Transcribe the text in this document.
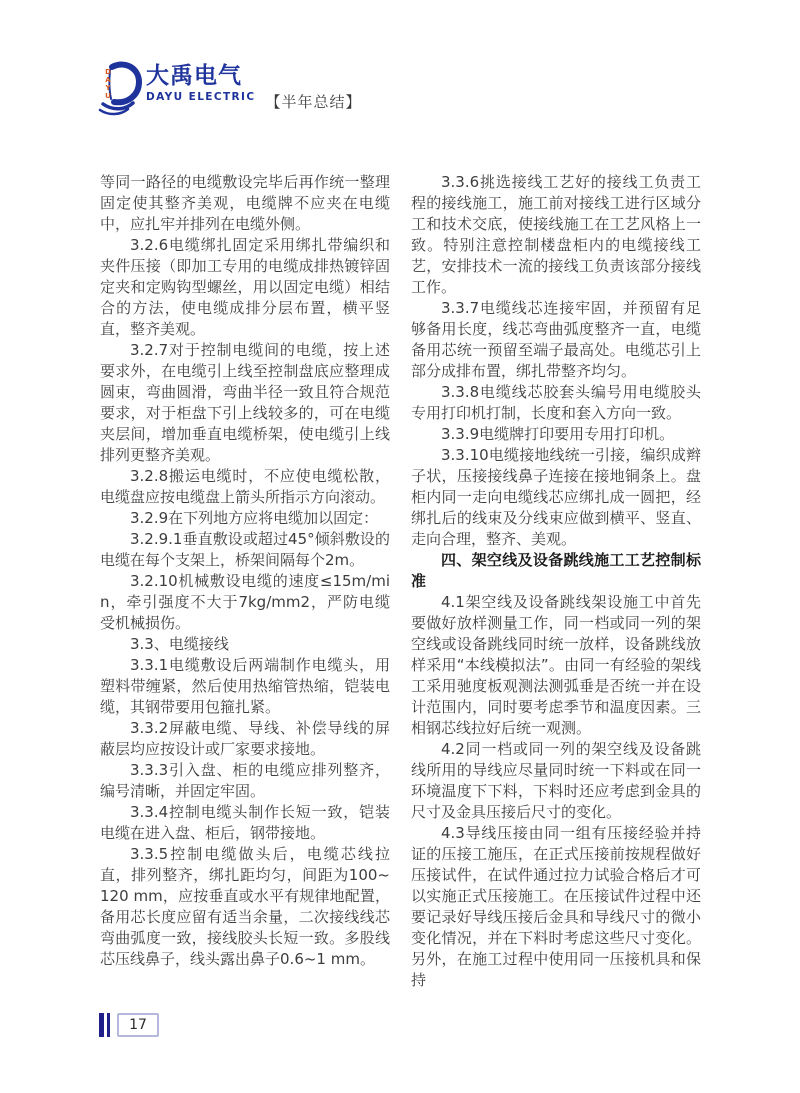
DAYU 大禹电气
DAYU ELECTRIC 【半年总结】

等同一路径的电缆敷设完毕后再作统一整理固定使其整齐美观，电缆牌不应夹在电缆中，应扎牢并排列在电缆外侧。

3.2.6电缆绑扎固定采用绑扎带编织和夹件压接（即加工专用的电缆成排热镀锌固定夹和定购钩型螺丝，用以固定电缆）相结合的方法，使电缆成排分层布置，横平竖直，整齐美观。

3.2.7对于控制电缆间的电缆，按上述要求外，在电缆引上线至控制盘底应整理成圆束，弯曲圆滑，弯曲半径一致且符合规范要求，对于柜盘下引上线较多的，可在电缆夹层间，增加垂直电缆桥架，使电缆引上线排列更整齐美观。

3.2.8搬运电缆时，不应使电缆松散，电缆盘应按电缆盘上箭头所指示方向滚动。

3.2.9在下列地方应将电缆加以固定：

3.2.9.1垂直敷设或超过45°倾斜敷设的电缆在每个支架上，桥架间隔每个2m。

3.2.10机械敷设电缆的速度≤15m/min，牵引强度不大于7kg/mm2，严防电缆受机械损伤。

3.3、电缆接线

3.3.1电缆敷设后两端制作电缆头，用塑料带缠紧，然后使用热缩管热缩，铠装电缆，其钢带要用包箍扎紧。

3.3.2屏蔽电缆、导线、补偿导线的屏蔽层均应按设计或厂家要求接地。

3.3.3引入盘、柜的电缆应排列整齐，编号清晰，并固定牢固。

3.3.4控制电缆头制作长短一致，铠装电缆在进入盘、柜后，钢带接地。

3.3.5控制电缆做头后，电缆芯线拉直，排列整齐，绑扎距均匀，间距为100~120 mm，应按垂直或水平有规律地配置，备用芯长度应留有适当余量，二次接线线芯弯曲弧度一致，接线胶头长短一致。多股线芯压线鼻子，线头露出鼻子0.6~1 mm。

3.3.6挑选接线工艺好的接线工负责工程的接线施工，施工前对接线工进行区域分工和技术交底，使接线施工在工艺风格上一致。特别注意控制楼盘柜内的电缆接线工艺，安排技术一流的接线工负责该部分接线工作。

3.3.7电缆线芯连接牢固，并预留有足够备用长度，线芯弯曲弧度整齐一直，电缆备用芯统一预留至端子最高处。电缆芯引上部分成排布置，绑扎带整齐均匀。

3.3.8电缆线芯胶套头编号用电缆胶头专用打印机打制，长度和套入方向一致。

3.3.9电缆牌打印要用专用打印机。

3.3.10电缆接地线统一引接，编织成辫子状，压接接线鼻子连接在接地铜条上。盘柜内同一走向电缆线芯应绑扎成一圆把，经绑扎后的线束及分线束应做到横平、竖直、走向合理，整齐、美观。

四、架空线及设备跳线施工工艺控制标准

4.1架空线及设备跳线架设施工中首先要做好放样测量工作，同一档或同一列的架空线或设备跳线同时统一放样，设备跳线放样采用“本线模拟法”。由同一有经验的架线工采用驰度板观测法测弧垂是否统一并在设计范围内，同时要考虑季节和温度因素。三相钢芯线拉好后统一观测。

4.2同一档或同一列的架空线及设备跳线所用的导线应尽量同时统一下料或在同一环境温度下下料，下料时还应考虑到金具的尺寸及金具压接后尺寸的变化。

4.3导线压接由同一组有压接经验并持证的压接工施压，在正式压接前按规程做好压接试件，在试件通过拉力试验合格后才可以实施正式压接施工。在压接试件过程中还要记录好导线压接后金具和导线尺寸的微小变化情况，并在下料时考虑这些尺寸变化。另外，在施工过程中使用同一压接机具和保持

17
